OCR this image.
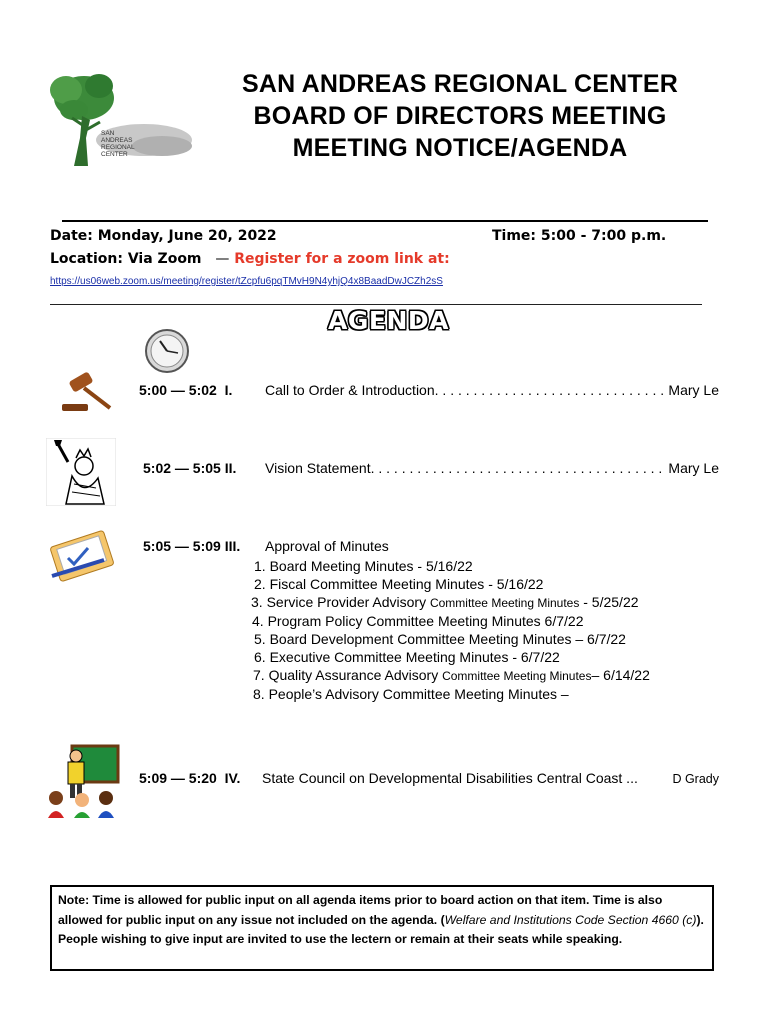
SAN
ANDREAS
REGIONAL
CENTER
SAN ANDREAS REGIONAL CENTER
BOARD OF DIRECTORS MEETING
MEETING NOTICE/AGENDA
Date: Monday, June 20, 2022	Time: 5:00 - 7:00 p.m.
Location: Via Zoom — Register for a zoom link at:
https://us06web.zoom.us/meeting/register/tZcpfu6pqTMvH9N4yhjQ4x8BaadDwJCZh2sS
AGENDA
5:00 — 5:02 I. Call to Order & Introduction. . . . . . . . . . . . . . . . . . . . . . . . . . . . . . Mary Le
5:02 — 5:05 II. Vision Statement. . . . . . . . . . . . . . . . . . . . . . . . . . . . . . . . . . . . . . Mary Le
5:05 — 5:09 III. Approval of Minutes
1. Board Meeting Minutes - 5/16/22
2. Fiscal Committee Meeting Minutes - 5/16/22
3. Service Provider Advisory Committee Meeting Minutes - 5/25/22
4. Program Policy Committee Meeting Minutes 6/7/22
5. Board Development Committee Meeting Minutes – 6/7/22
6. Executive Committee Meeting Minutes - 6/7/22
7. Quality Assurance Advisory Committee Meeting Minutes– 6/14/22
8. People’s Advisory Committee Meeting Minutes –
5:09 — 5:20 IV. State Council on Developmental Disabilities Central Coast ...	D Grady
Note: Time is allowed for public input on all agenda items prior to board action on that item. Time is also allowed for public input on any issue not included on the agenda. (Welfare and Institutions Code Section 4660 (c)). People wishing to give input are invited to use the lectern or remain at their seats while speaking.
